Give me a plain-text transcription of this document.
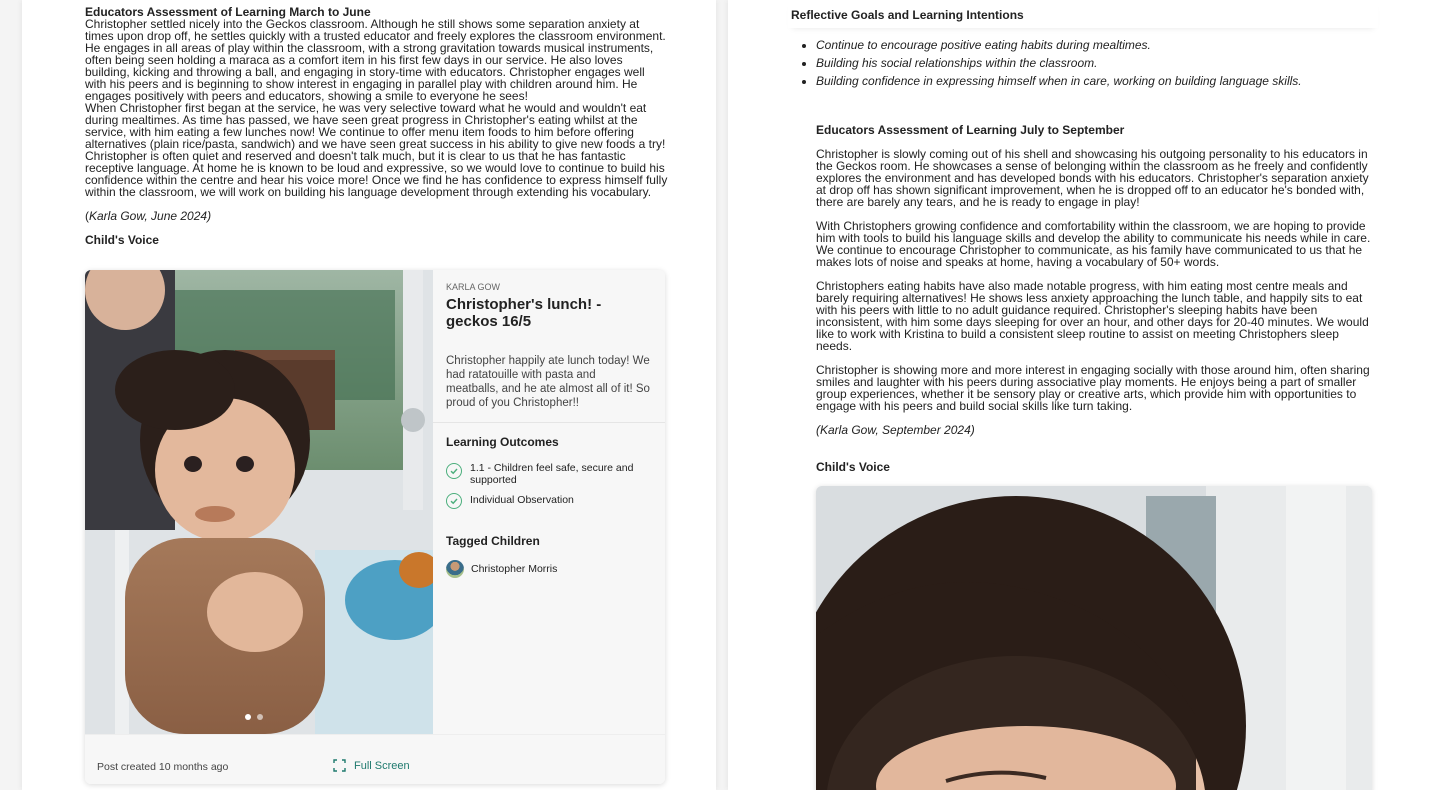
Educators Assessment of Learning March to June
Christopher settled nicely into the Geckos classroom. Although he still shows some separation anxiety at times upon drop off, he settles quickly with a trusted educator and freely explores the classroom environment. He engages in all areas of play within the classroom, with a strong gravitation towards musical instruments, often being seen holding a maraca as a comfort item in his first few days in our service. He also loves building, kicking and throwing a ball, and engaging in story-time with educators. Christopher engages well with his peers and is beginning to show interest in engaging in parallel play with children around him. He engages positively with peers and educators, showing a smile to everyone he sees!
When Christopher first began at the service, he was very selective toward what he would and wouldn't eat during mealtimes. As time has passed, we have seen great progress in Christopher's eating whilst at the service, with him eating a few lunches now! We continue to offer menu item foods to him before offering alternatives (plain rice/pasta, sandwich) and we have seen great success in his ability to give new foods a try!
Christopher is often quiet and reserved and doesn't talk much, but it is clear to us that he has fantastic receptive language. At home he is known to be loud and expressive, so we would love to continue to build his confidence within the centre and hear his voice more! Once we find he has confidence to express himself fully within the classroom, we will work on building his language development through extending his vocabulary.
(Karla Gow, June 2024)
Child's Voice
KARLA GOW
Christopher's lunch! - geckos 16/5
Christopher happily ate lunch today! We had ratatouille with pasta and meatballs, and he ate almost all of it! So proud of you Christopher!!
Learning Outcomes
1.1 - Children feel safe, secure and supported
Individual Observation
Tagged Children
Christopher Morris
Post created 10 months ago	Full Screen
Reflective Goals and Learning Intentions
• Continue to encourage positive eating habits during mealtimes.
• Building his social relationships within the classroom.
• Building confidence in expressing himself when in care, working on building language skills.
Educators Assessment of Learning July to September
Christopher is slowly coming out of his shell and showcasing his outgoing personality to his educators in the Geckos room. He showcases a sense of belonging within the classroom as he freely and confidently explores the environment and has developed bonds with his educators. Christopher's separation anxiety at drop off has shown significant improvement, when he is dropped off to an educator he's bonded with, there are barely any tears, and he is ready to engage in play!
With Christophers growing confidence and comfortability within the classroom, we are hoping to provide him with tools to build his language skills and develop the ability to communicate his needs while in care. We continue to encourage Christopher to communicate, as his family have communicated to us that he makes lots of noise and speaks at home, having a vocabulary of 50+ words.
Christophers eating habits have also made notable progress, with him eating most centre meals and barely requiring alternatives! He shows less anxiety approaching the lunch table, and happily sits to eat with his peers with little to no adult guidance required. Christopher's sleeping habits have been inconsistent, with him some days sleeping for over an hour, and other days for 20-40 minutes. We would like to work with Kristina to build a consistent sleep routine to assist on meeting Christophers sleep needs.
Christopher is showing more and more interest in engaging socially with those around him, often sharing smiles and laughter with his peers during associative play moments. He enjoys being a part of smaller group experiences, whether it be sensory play or creative arts, which provide him with opportunities to engage with his peers and build social skills like turn taking.
(Karla Gow, September 2024)
Child's Voice
